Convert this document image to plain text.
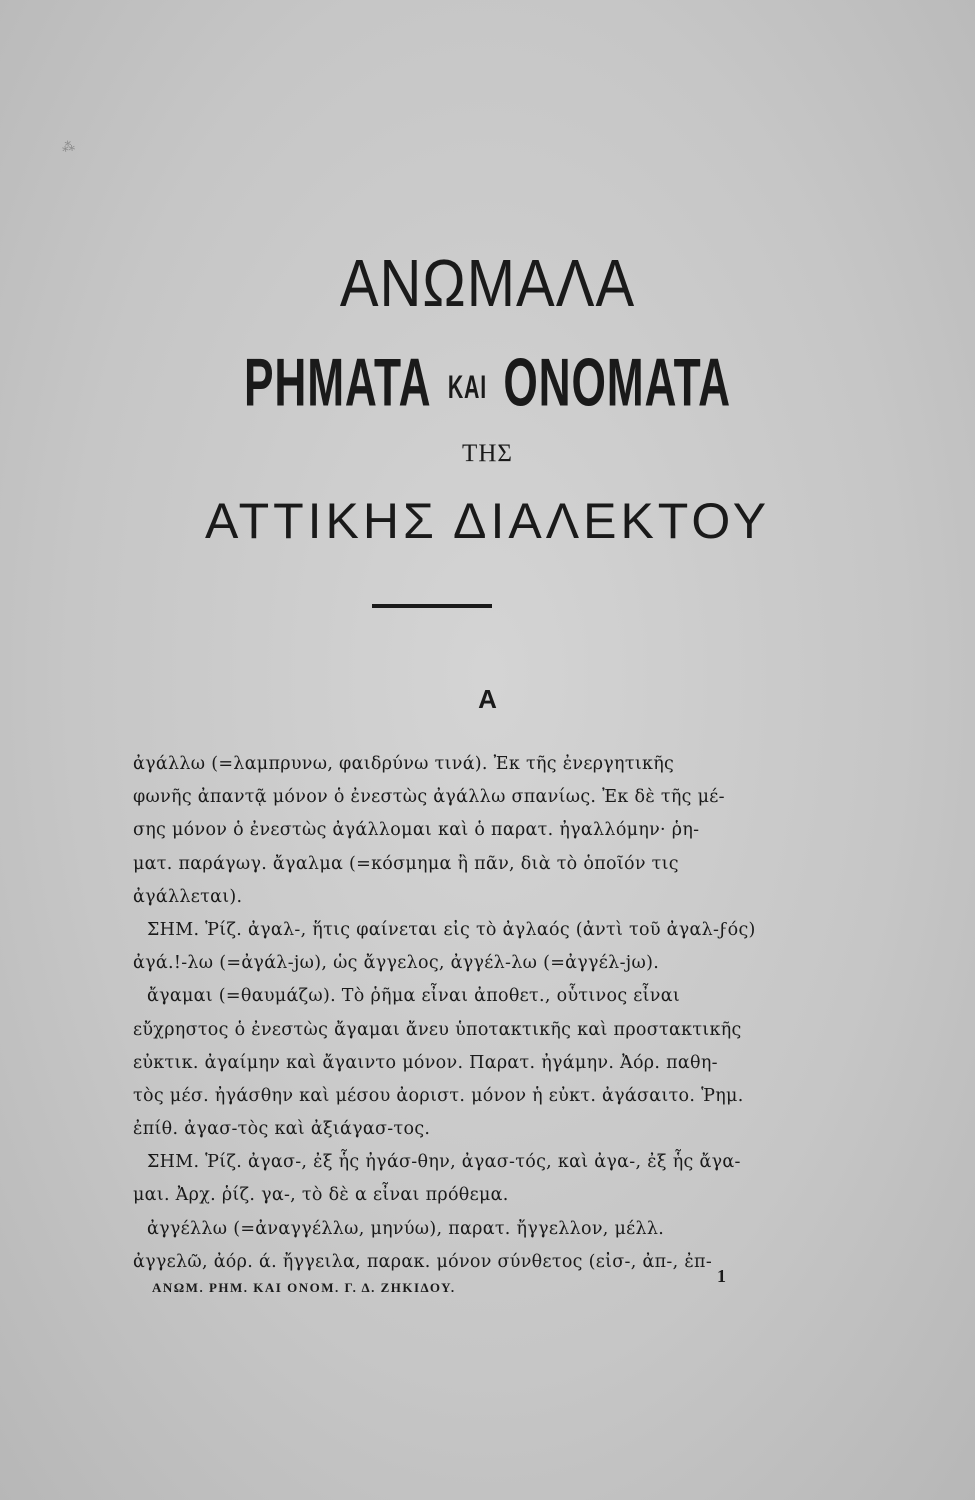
⁂
ΑΝΩΜΑΛΑ
ΡΗΜΑΤΑ ΚΑΙ ΟΝΟΜΑΤΑ
ΤΗΣ
ΑΤΤΙΚΗΣ ΔΙΑΛΕΚΤΟΥ
Α
ἀγάλλω (=λαμπρυνω, φαιδρύνω τινά). Ἐκ τῆς ἐνεργητικῆς
φωνῆς ἀπαντᾷ μόνον ὁ ἐνεστὼς ἀγάλλω σπανίως. Ἐκ δὲ τῆς μέ-
σης μόνον ὁ ἐνεστὼς ἀγάλλομαι καὶ ὁ παρατ. ἠγαλλόμην· ῥη-
ματ. παράγωγ. ἄγαλμα (=κόσμημα ἢ πᾶν, διὰ τὸ ὁποῖόν τις
ἀγάλλεται).
ΣΗΜ. Ῥίζ. ἀγαλ-, ἥτις φαίνεται εἰς τὸ ἀγλαός (ἀντὶ τοῦ ἀγαλ-ϝός)
ἀγά.!-λω (=ἀγάλ-jω), ὡς ἄγγελος, ἀγγέλ-λω (=ἀγγέλ-jω).
ἄγαμαι (=θαυμάζω). Τὸ ῥῆμα εἶναι ἀποθετ., οὗτινος εἶναι
εὔχρηστος ὁ ἐνεστὼς ἄγαμαι ἄνευ ὑποτακτικῆς καὶ προστακτικῆς
εὐκτικ. ἀγαίμην καὶ ἄγαιντο μόνον. Παρατ. ἠγάμην. Ἀόρ. παθη-
τὸς μέσ. ἠγάσθην καὶ μέσου ἀοριστ. μόνον ἡ εὐκτ. ἀγάσαιτο. Ῥημ.
ἐπίθ. ἀγασ-τὸς καὶ ἀξιάγασ-τος.
ΣΗΜ. Ῥίζ. ἀγασ-, ἐξ ἧς ἠγάσ-θην, ἀγασ-τός, καὶ ἀγα-, ἐξ ἧς ἄγα-
μαι. Ἀρχ. ῥίζ. γα-, τὸ δὲ α εἶναι πρόθεμα.
ἀγγέλλω (=ἀναγγέλλω, μηνύω), παρατ. ἤγγελλον, μέλλ.
ἀγγελῶ, ἀόρ. ά. ἤγγειλα, παρακ. μόνον σύνθετος (εἰσ-, ἀπ-, ἐπ-
ΑΝΩΜ. ΡΗΜ. ΚΑΙ ΟΝΟΜ. Γ. Δ. ΖΗΚΙΔΟΥ.
1
